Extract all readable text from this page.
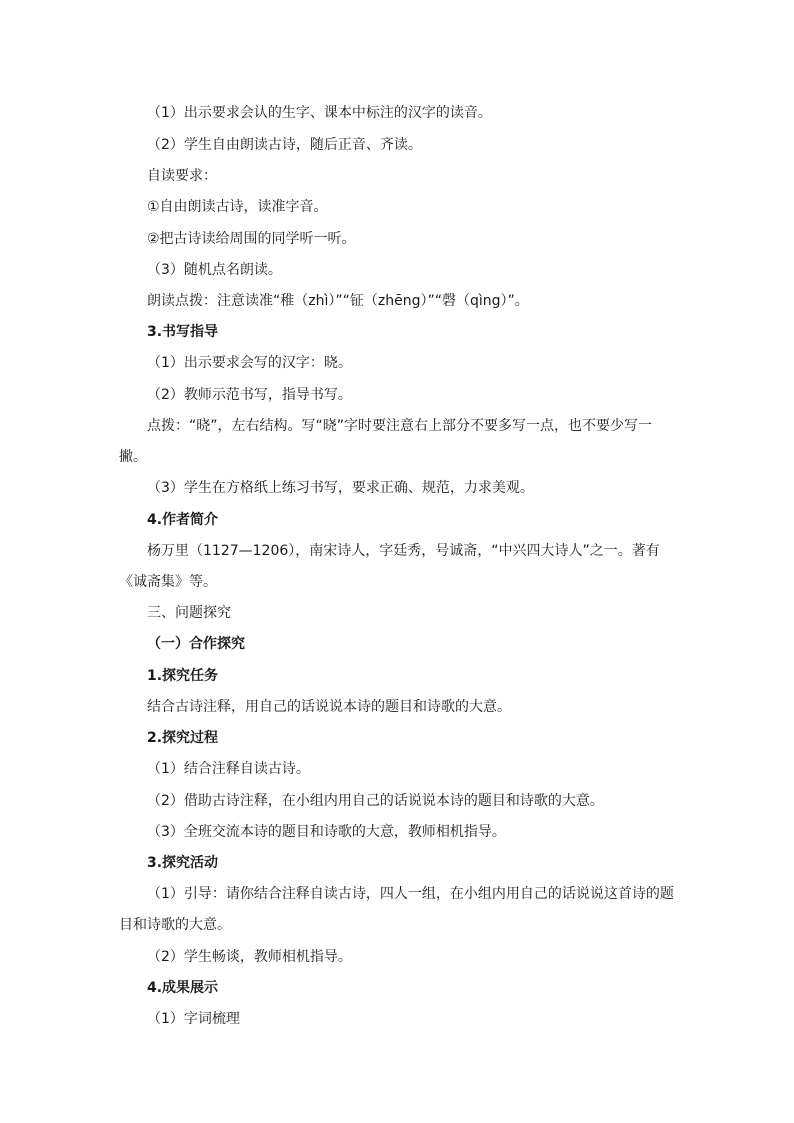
（1）出示要求会认的生字、课本中标注的汉字的读音。
（2）学生自由朗读古诗，随后正音、齐读。
自读要求：
①自由朗读古诗，读准字音。
②把古诗读给周围的同学听一听。
（3）随机点名朗读。
朗读点拨：注意读准“稚（zhì）”“钲（zhēng）”“磬（qìng）”。
3.书写指导
（1）出示要求会写的汉字：晓。
（2）教师示范书写，指导书写。
点拨：“晓”，左右结构。写“晓”字时要注意右上部分不要多写一点，也不要少写一
撇。
（3）学生在方格纸上练习书写，要求正确、规范，力求美观。
4.作者简介
杨万里（1127—1206），南宋诗人，字廷秀，号诚斋，“中兴四大诗人”之一。著有
《诚斋集》等。
三、问题探究
（一）合作探究
1.探究任务
结合古诗注释，用自己的话说说本诗的题目和诗歌的大意。
2.探究过程
（1）结合注释自读古诗。
（2）借助古诗注释，在小组内用自己的话说说本诗的题目和诗歌的大意。
（3）全班交流本诗的题目和诗歌的大意，教师相机指导。
3.探究活动
（1）引导：请你结合注释自读古诗，四人一组，在小组内用自己的话说说这首诗的题
目和诗歌的大意。
（2）学生畅谈，教师相机指导。
4.成果展示
（1）字词梳理
